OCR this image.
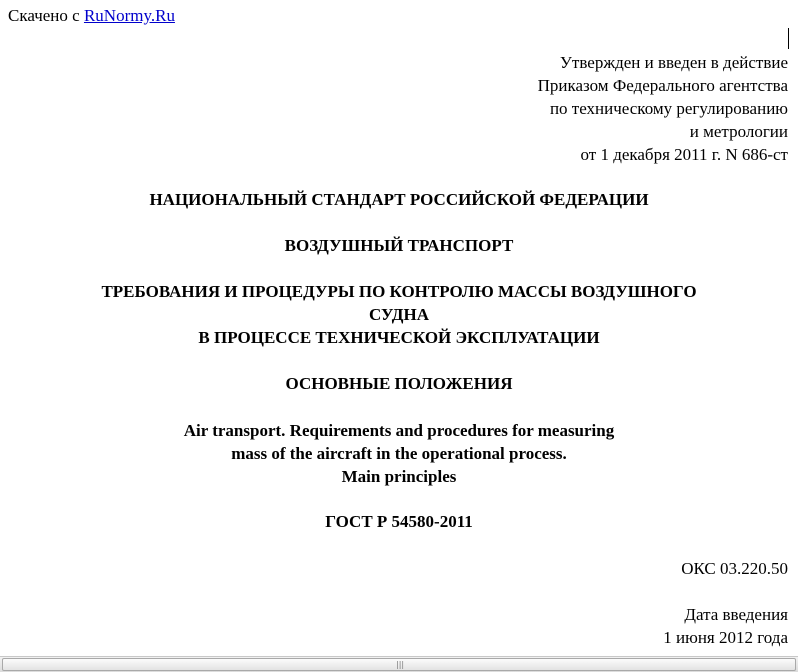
Скачено с RuNormy.Ru
Утвержден и введен в действие
Приказом Федерального агентства
по техническому регулированию
и метрологии
от 1 декабря 2011 г. N 686-ст
НАЦИОНАЛЬНЫЙ СТАНДАРТ РОССИЙСКОЙ ФЕДЕРАЦИИ
ВОЗДУШНЫЙ ТРАНСПОРТ
ТРЕБОВАНИЯ И ПРОЦЕДУРЫ ПО КОНТРОЛЮ МАССЫ ВОЗДУШНОГО
СУДНА
В ПРОЦЕССЕ ТЕХНИЧЕСКОЙ ЭКСПЛУАТАЦИИ
ОСНОВНЫЕ ПОЛОЖЕНИЯ
Air transport. Requirements and procedures for measuring
mass of the aircraft in the operational process.
Main principles
ГОСТ Р 54580-2011
ОКС 03.220.50
Дата введения
1 июня 2012 года
|||
